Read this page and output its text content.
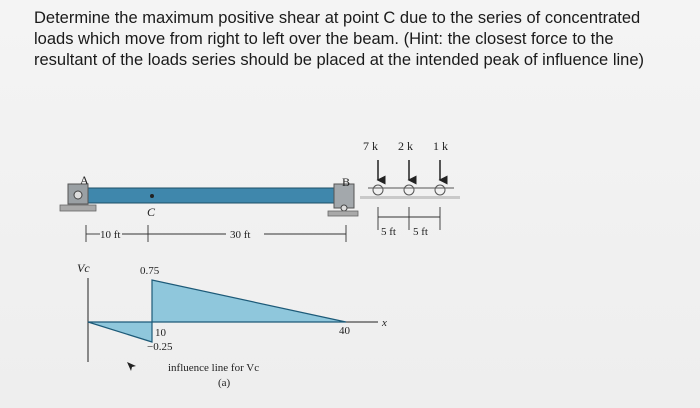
Determine the maximum positive shear at point C due to the series of concentrated
loads which move from right to left over the beam. (Hint: the closest force to the
resultant of the loads series should be placed at the intended peak of influence line)
A
C
B
10 ft	30 ft
7 k 2 k 1 k
5 ft 5 ft
Vc
x
0.75
10
−0.25
40
influence line for Vc
(a)
